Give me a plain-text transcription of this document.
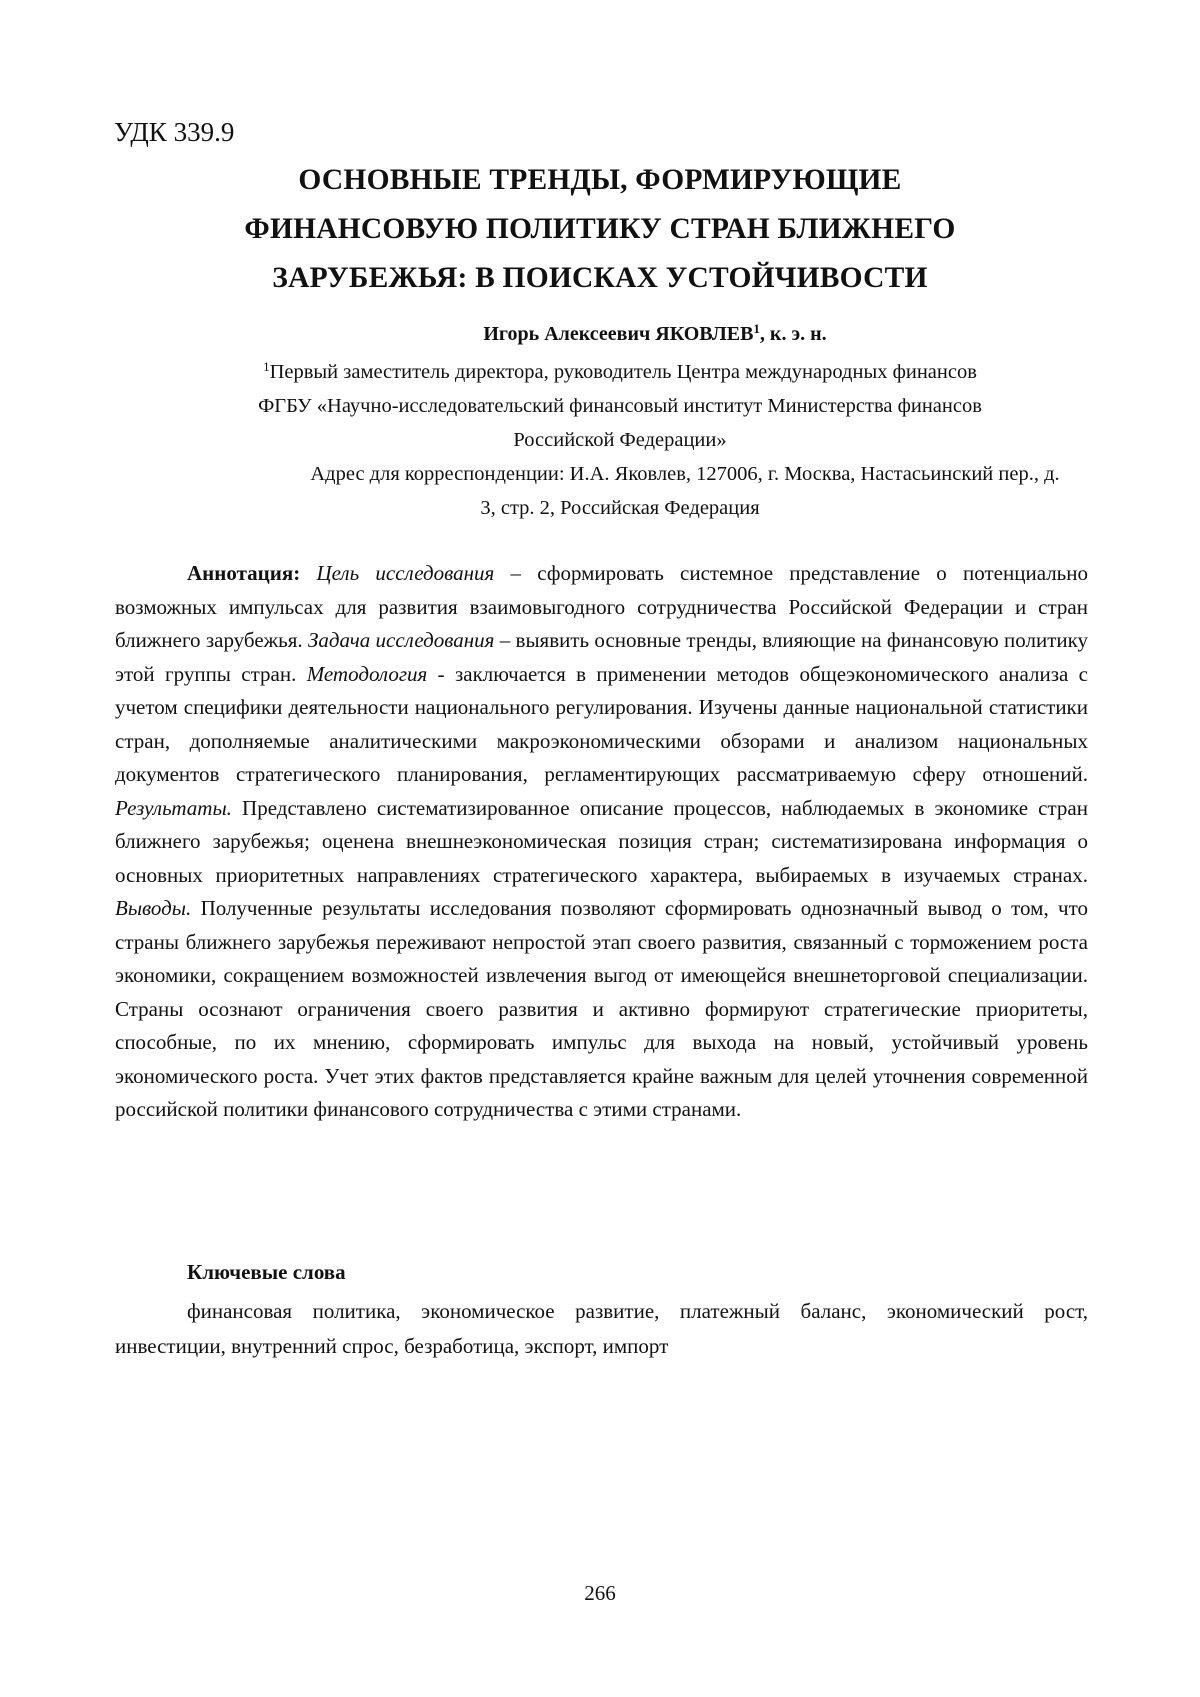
УДК 339.9
ОСНОВНЫЕ ТРЕНДЫ, ФОРМИРУЮЩИЕ
ФИНАНСОВУЮ ПОЛИТИКУ СТРАН БЛИЖНЕГО
ЗАРУБЕЖЬЯ: В ПОИСКАХ УСТОЙЧИВОСТИ
Игорь Алексеевич ЯКОВЛЕВ$^1$, к. э. н.
$^1$Первый заместитель директора, руководитель Центра международных финансов
ФГБУ «Научно-исследовательский финансовый институт Министерства финансов
Российской Федерации»
Адрес для корреспонденции: И.А. Яковлев, 127006, г. Москва, Настасьинский пер., д.
3, стр. 2, Российская Федерация

Аннотация: Цель исследования – сформировать системное представление о потенциально возможных импульсах для развития взаимовыгодного сотрудничества Российской Федерации и стран ближнего зарубежья. Задача исследования – выявить основные тренды, влияющие на финансовую политику этой группы стран. Методология - заключается в применении методов общеэкономического анализа с учетом специфики деятельности национального регулирования. Изучены данные национальной статистики стран, дополняемые аналитическими макроэкономическими обзорами и анализом национальных документов стратегического планирования, регламентирующих рассматриваемую сферу отношений. Результаты. Представлено систематизированное описание процессов, наблюдаемых в экономике стран ближнего зарубежья; оценена внешнеэкономическая позиция стран; систематизирована информация о основных приоритетных направлениях стратегического характера, выбираемых в изучаемых странах. Выводы. Полученные результаты исследования позволяют сформировать однозначный вывод о том, что страны ближнего зарубежья переживают непростой этап своего развития, связанный с торможением роста экономики, сокращением возможностей извлечения выгод от имеющейся внешнеторговой специализации. Страны осознают ограничения своего развития и активно формируют стратегические приоритеты, способные, по их мнению, сформировать импульс для выхода на новый, устойчивый уровень экономического роста. Учет этих фактов представляется крайне важным для целей уточнения современной российской политики финансового сотрудничества с этими странами.

Ключевые слова

финансовая политика, экономическое развитие, платежный баланс, экономический рост, инвестиции, внутренний спрос, безработица, экспорт, импорт

266
